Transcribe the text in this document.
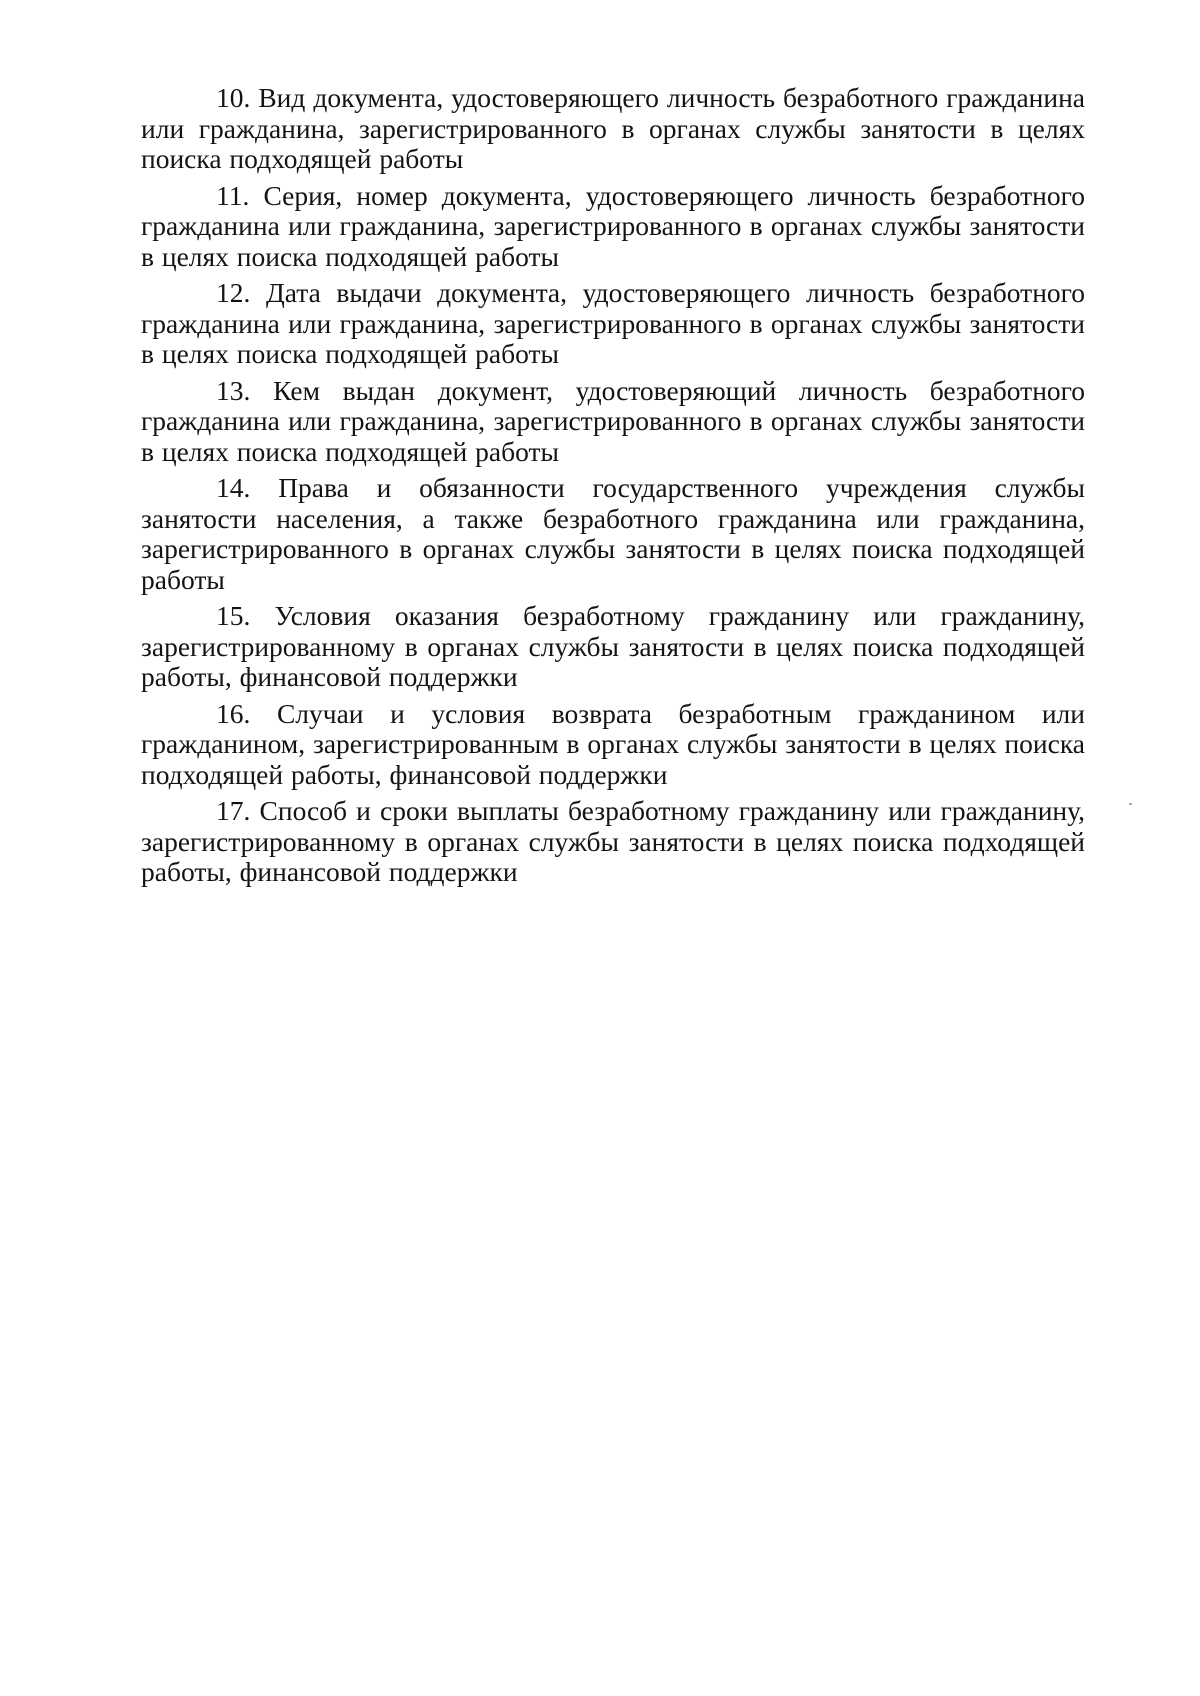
10. Вид документа, удостоверяющего личность безработного гражданина или гражданина, зарегистрированного в органах службы занятости в целях поиска подходящей работы

11. Серия, номер документа, удостоверяющего личность безработного гражданина или гражданина, зарегистрированного в органах службы занятости в целях поиска подходящей работы

12. Дата выдачи документа, удостоверяющего личность безработного гражданина или гражданина, зарегистрированного в органах службы занятости в целях поиска подходящей работы

13. Кем выдан документ, удостоверяющий личность безработного гражданина или гражданина, зарегистрированного в органах службы занятости в целях поиска подходящей работы

14. Права и обязанности государственного учреждения службы занятости населения, а также безработного гражданина или гражданина, зарегистрированного в органах службы занятости в целях поиска подходящей работы

15. Условия оказания безработному гражданину или гражданину, зарегистрированному в органах службы занятости в целях поиска подходящей работы, финансовой поддержки

16. Случаи и условия возврата безработным гражданином или гражданином, зарегистрированным в органах службы занятости в целях поиска подходящей работы, финансовой поддержки

17. Способ и сроки выплаты безработному гражданину или гражданину, зарегистрированному в органах службы занятости в целях поиска подходящей работы, финансовой поддержки
